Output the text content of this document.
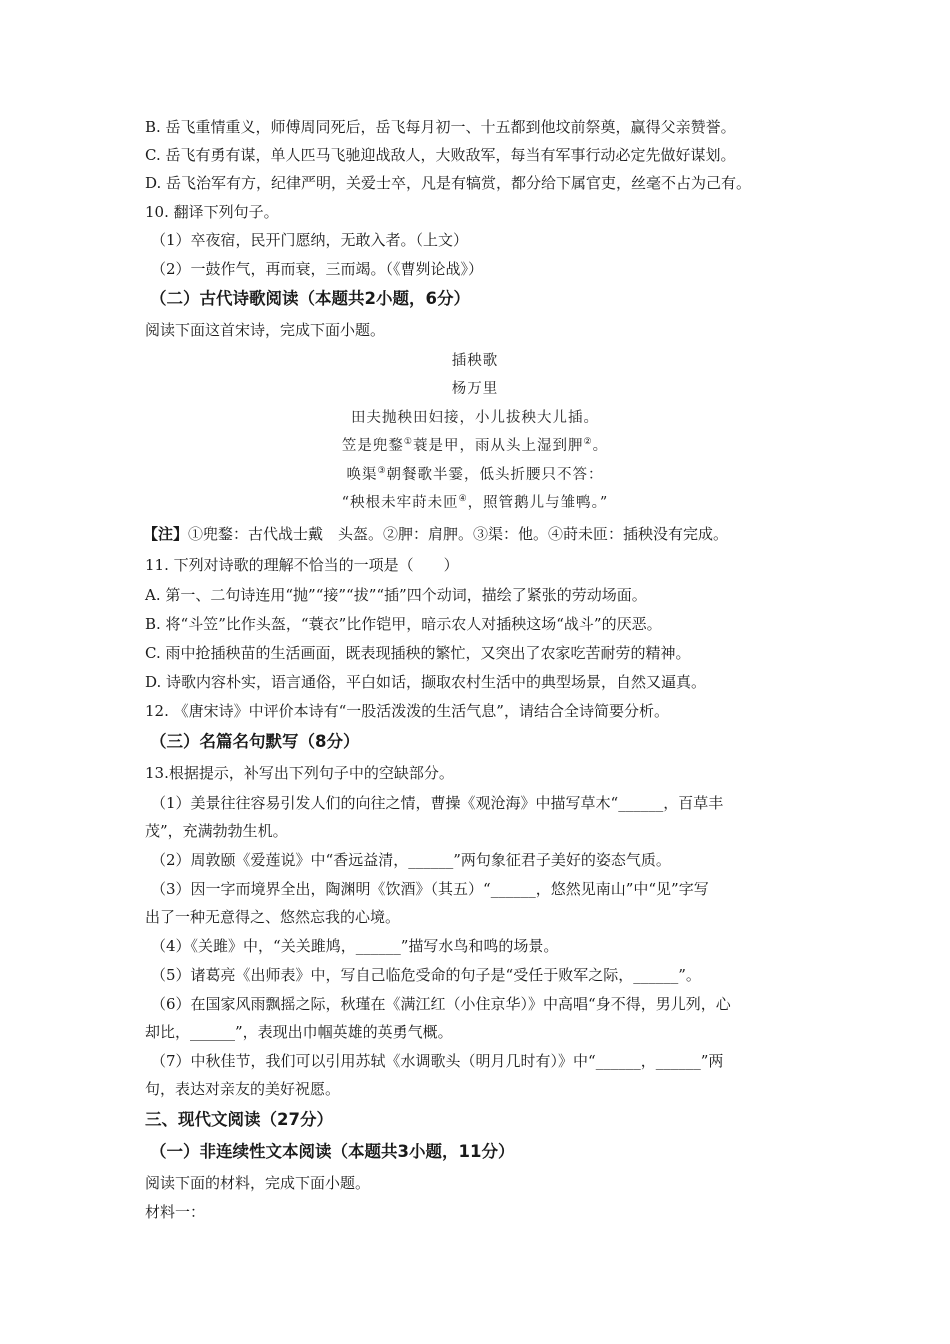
B. 岳飞重情重义，师傅周同死后，岳飞每月初一、十五都到他坟前祭奠，赢得父亲赞誉。
C. 岳飞有勇有谋，单人匹马飞驰迎战敌人，大败敌军，每当有军事行动必定先做好谋划。
D. 岳飞治军有方，纪律严明，关爱士卒，凡是有犒赏，都分给下属官吏，丝毫不占为己有。
10. 翻译下列句子。
（1）卒夜宿，民开门愿纳，无敢入者。（上文）
（2）一鼓作气，再而衰，三而竭。（《曹刿论战》）
（二）古代诗歌阅读（本题共2小题，6分）
阅读下面这首宋诗，完成下面小题。
插秧歌
杨万里
田夫抛秧田妇接，小儿拔秧大儿插。
笠是兜鍪①蓑是甲，雨从头上湿到胛②。
唤渠③朝餐歌半霎，低头折腰只不答：
“秧根未牢莳未匝④，照管鹅儿与雏鸭。”
【注】①兜鍪：古代战士戴　头盔。②胛：肩胛。③渠：他。④莳未匝：插秧没有完成。
11. 下列对诗歌的理解不恰当的一项是（　　）
A. 第一、二句诗连用“抛”“接”“拔”“插”四个动词，描绘了紧张的劳动场面。
B. 将“斗笠”比作头盔，“蓑衣”比作铠甲，暗示农人对插秧这场“战斗”的厌恶。
C. 雨中抢插秧苗的生活画面，既表现插秧的繁忙，又突出了农家吃苦耐劳的精神。
D. 诗歌内容朴实，语言通俗，平白如话，撷取农村生活中的典型场景，自然又逼真。
12. 《唐宋诗》中评价本诗有“一股活泼泼的生活气息”，请结合全诗简要分析。
（三）名篇名句默写（8分）
13.根据提示，补写出下列句子中的空缺部分。
（1）美景往往容易引发人们的向往之情，曹操《观沧海》中描写草木“______，百草丰
茂”，充满勃勃生机。
（2）周敦颐《爱莲说》中“香远益清，______”两句象征君子美好的姿态气质。
（3）因一字而境界全出，陶渊明《饮酒》（其五）“______，悠然见南山”中“见”字写
出了一种无意得之、悠然忘我的心境。
（4）《关雎》中，“关关雎鸠，______”描写水鸟和鸣的场景。
（5）诸葛亮《出师表》中，写自己临危受命的句子是“受任于败军之际，______”。
（6）在国家风雨飘摇之际，秋瑾在《满江红（小住京华）》中高唱“身不得，男儿列，心
却比，______”，表现出巾帼英雄的英勇气概。
（7）中秋佳节，我们可以引用苏轼《水调歌头（明月几时有）》中“______，______”两
句，表达对亲友的美好祝愿。
三、现代文阅读（27分）
（一）非连续性文本阅读（本题共3小题，11分）
阅读下面的材料，完成下面小题。
材料一：
